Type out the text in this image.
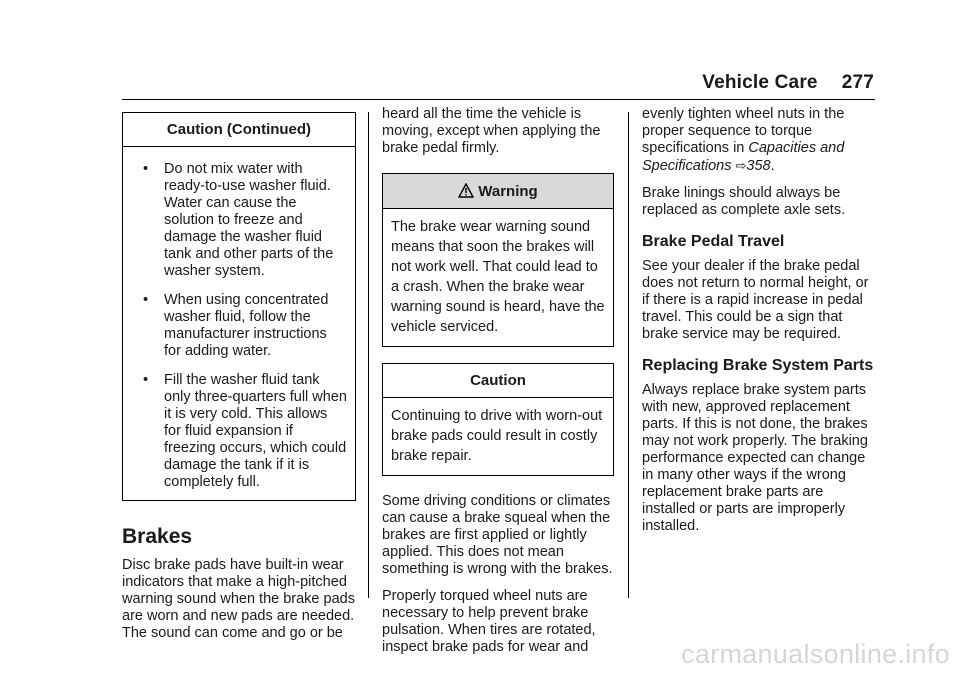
Vehicle Care 277
Caution (Continued)
• Do not mix water with ready-to-use washer fluid. Water can cause the solution to freeze and damage the washer fluid tank and other parts of the washer system.
• When using concentrated washer fluid, follow the manufacturer instructions for adding water.
• Fill the washer fluid tank only three-quarters full when it is very cold. This allows for fluid expansion if freezing occurs, which could damage the tank if it is completely full.
Brakes

Disc brake pads have built-in wear indicators that make a high-pitched warning sound when the brake pads are worn and new pads are needed. The sound can come and go or be

heard all the time the vehicle is moving, except when applying the brake pedal firmly.

Warning
The brake wear warning sound means that soon the brakes will not work well. That could lead to a crash. When the brake wear warning sound is heard, have the vehicle serviced.
Caution
Continuing to drive with worn-out brake pads could result in costly brake repair.

Some driving conditions or climates can cause a brake squeal when the brakes are first applied or lightly applied. This does not mean something is wrong with the brakes.

Properly torqued wheel nuts are necessary to help prevent brake pulsation. When tires are rotated, inspect brake pads for wear and

evenly tighten wheel nuts in the proper sequence to torque specifications in Capacities and Specifications ⇨358.

Brake linings should always be replaced as complete axle sets.

Brake Pedal Travel

See your dealer if the brake pedal does not return to normal height, or if there is a rapid increase in pedal travel. This could be a sign that brake service may be required.

Replacing Brake System Parts

Always replace brake system parts with new, approved replacement parts. If this is not done, the brakes may not work properly. The braking performance expected can change in many other ways if the wrong replacement brake parts are installed or parts are improperly installed.

carmanualsonline.info
